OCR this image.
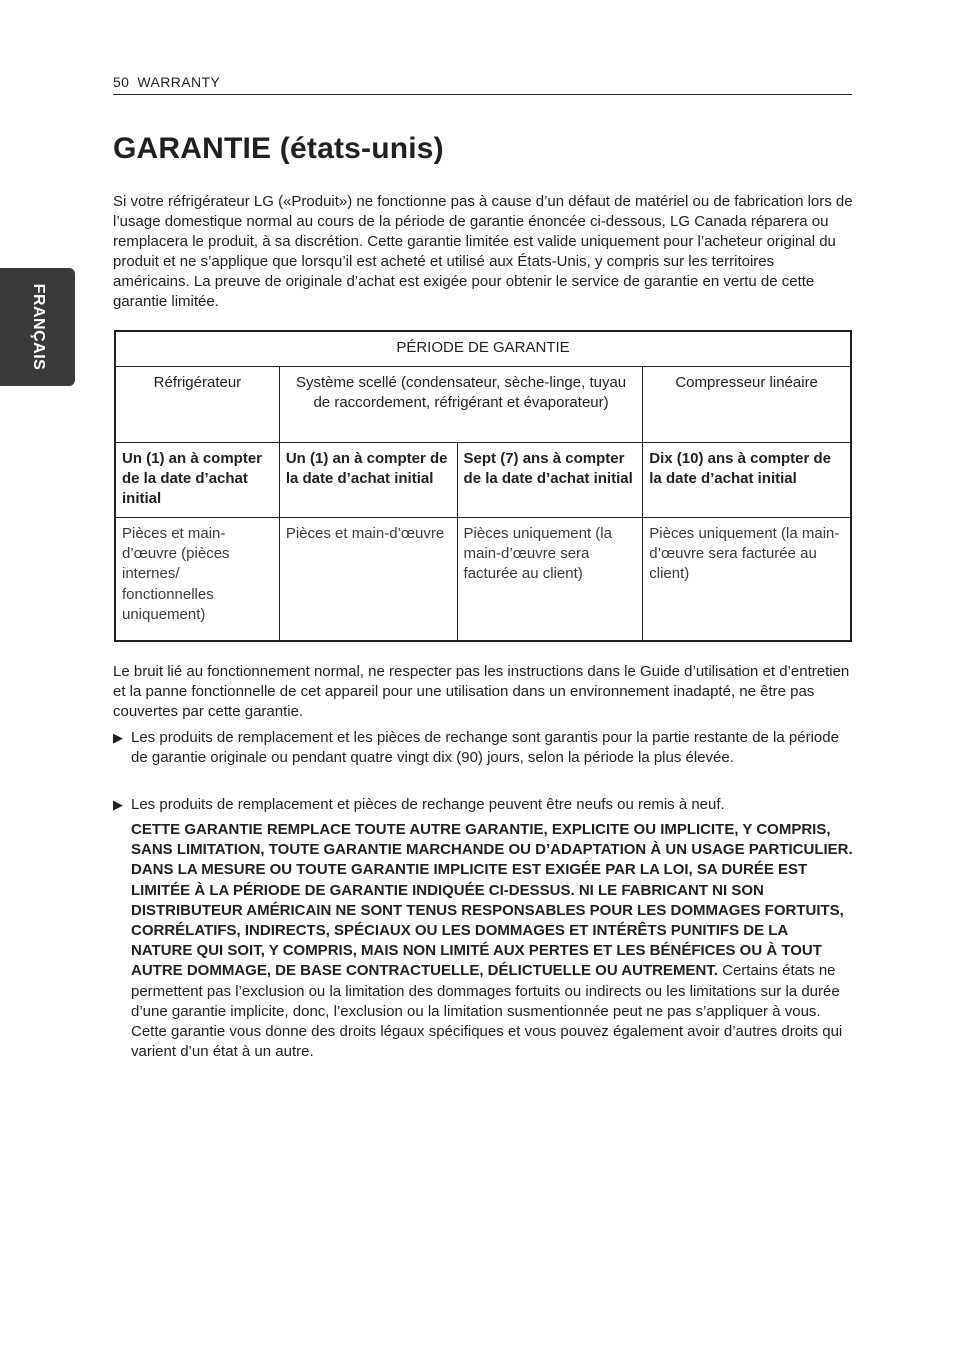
50 WARRANTY
FRANÇAIS
GARANTIE (états-unis)

Si votre réfrigérateur LG («Produit») ne fonctionne pas à cause d’un défaut de matériel ou de fabrication lors de l’usage domestique normal au cours de la période de garantie énoncée ci-dessous, LG Canada réparera ou remplacera le produit, à sa discrétion. Cette garantie limitée est valide uniquement pour l’acheteur original du produit et ne s’applique que lorsqu’il est acheté et utilisé aux États-Unis, y compris sur les territoires américains. La preuve de originale d’achat est exigée pour obtenir le service de garantie en vertu de cette garantie limitée.

PÉRIODE DE GARANTIE			
Réfrigérateur	Système scellé (condensateur, sèche-linge, tuyau de raccordement, réfrigérant et évaporateur)		Compresseur linéaire
Un (1) an à compter de la date d’achat initial	Un (1) an à compter de la date d’achat initial	Sept (7) ans à compter de la date d’achat initial	Dix (10) ans à compter de la date d’achat initial
Pièces et main-d’œuvre (pièces internes/ fonctionnelles uniquement)	Pièces et main-d’œuvre	Pièces uniquement (la main-d’œuvre sera facturée au client)	Pièces uniquement (la main-d’œuvre sera facturée au client)

Le bruit lié au fonctionnement normal, ne respecter pas les instructions dans le Guide d’utilisation et d’entretien et la panne fonctionnelle de cet appareil pour une utilisation dans un environnement inadapté, ne être pas couvertes par cette garantie.

▶ Les produits de remplacement et les pièces de rechange sont garantis pour la partie restante de la période de garantie originale ou pendant quatre vingt dix (90) jours, selon la période la plus élevée.
▶ Les produits de remplacement et pièces de rechange peuvent être neufs ou remis à neuf.
CETTE GARANTIE REMPLACE TOUTE AUTRE GARANTIE, EXPLICITE OU IMPLICITE, Y COMPRIS, SANS LIMITATION, TOUTE GARANTIE MARCHANDE OU D’ADAPTATION À UN USAGE PARTICULIER. DANS LA MESURE OU TOUTE GARANTIE IMPLICITE EST EXIGÉE PAR LA LOI, SA DURÉE EST LIMITÉE À LA PÉRIODE DE GARANTIE INDIQUÉE CI-DESSUS. NI LE FABRICANT NI SON DISTRIBUTEUR AMÉRICAIN NE SONT TENUS RESPONSABLES POUR LES DOMMAGES FORTUITS, CORRÉLATIFS, INDIRECTS, SPÉCIAUX OU LES DOMMAGES ET INTÉRÊTS PUNITIFS DE LA NATURE QUI SOIT, Y COMPRIS, MAIS NON LIMITÉ AUX PERTES ET LES BÉNÉFICES OU À TOUT AUTRE DOMMAGE, DE BASE CONTRACTUELLE, DÉLICTUELLE OU AUTREMENT. Certains états ne permettent pas l’exclusion ou la limitation des dommages fortuits ou indirects ou les limitations sur la durée d’une garantie implicite, donc, l’exclusion ou la limitation susmentionnée peut ne pas s’appliquer à vous. Cette garantie vous donne des droits légaux spécifiques et vous pouvez également avoir d’autres droits qui varient d’un état à un autre.
